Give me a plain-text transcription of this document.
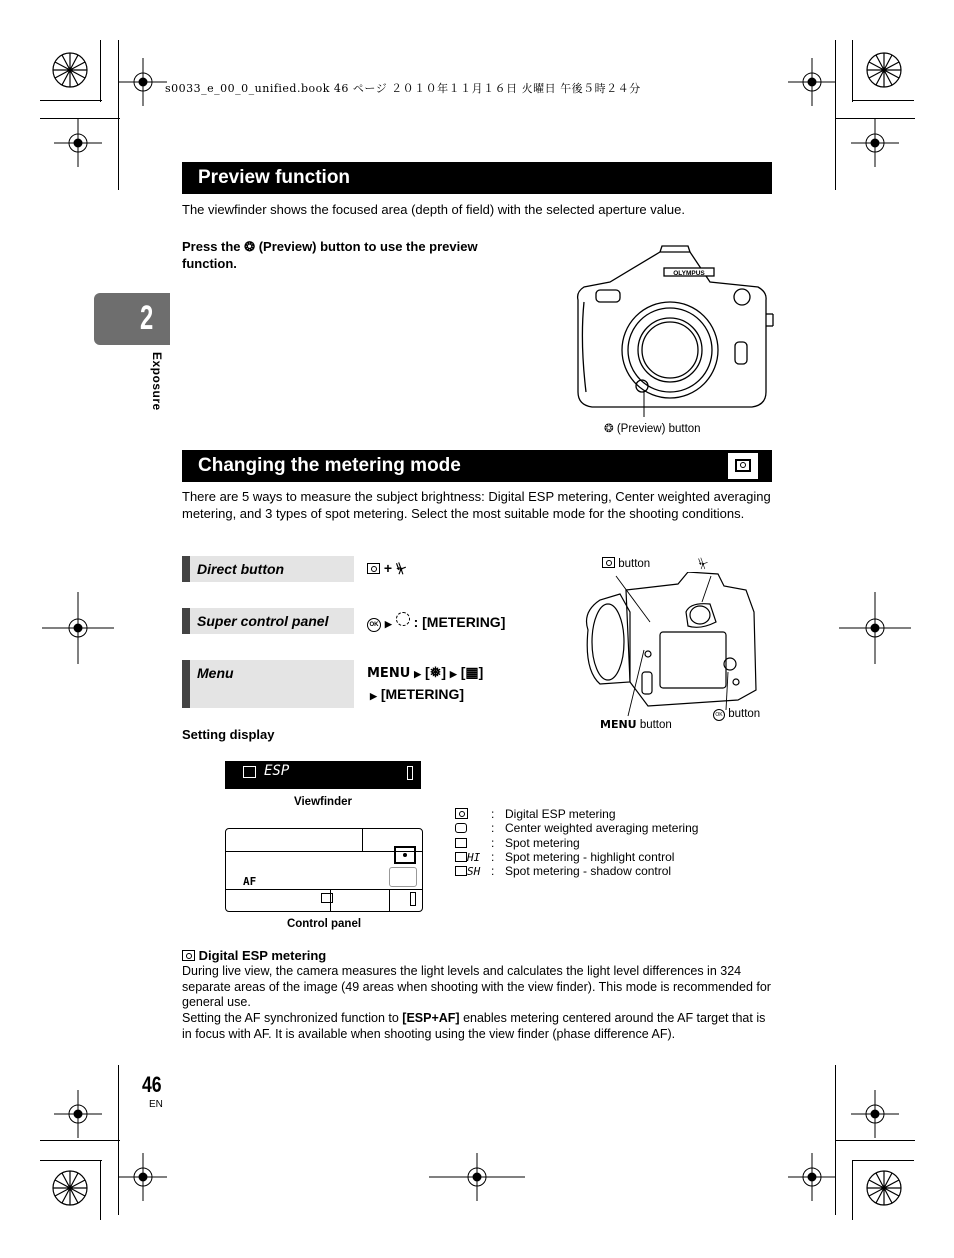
s0033_e_00_0_unified.book 46 ページ ２０１０年１１月１６日 火曜日 午後５時２４分
2
Exposure
Preview function
The viewfinder shows the focused area (depth of field) with the selected aperture value.
Press the ❂ (Preview) button to use the preview function.
OLYMPUS
❂ (Preview) button
Changing the metering mode
There are 5 ways to measure the subject brightness: Digital ESP metering, Center weighted averaging metering, and 3 types of spot metering. Select the most suitable mode for the shooting conditions.
Direct button	+ ⏧
Super control panel	OK ▶ : [METERING]
Menu	MENU ▶ [❅] ▶ [▦]
▶ [METERING]
button	⏧
MENU button
OK button
Setting display
ESP
Viewfinder
AF
Control panel
: Digital ESP metering
: Center weighted averaging metering
: Spot metering
HI : Spot metering - highlight control
SH : Spot metering - shadow control
Digital ESP metering
During live view, the camera measures the light levels and calculates the light level differences in 324 separate areas of the image (49 areas when shooting with the view finder). This mode is recommended for general use.
Setting the AF synchronized function to [ESP+AF] enables metering centered around the AF target that is in focus with AF. It is available when shooting using the view finder (phase difference AF).
46
EN
